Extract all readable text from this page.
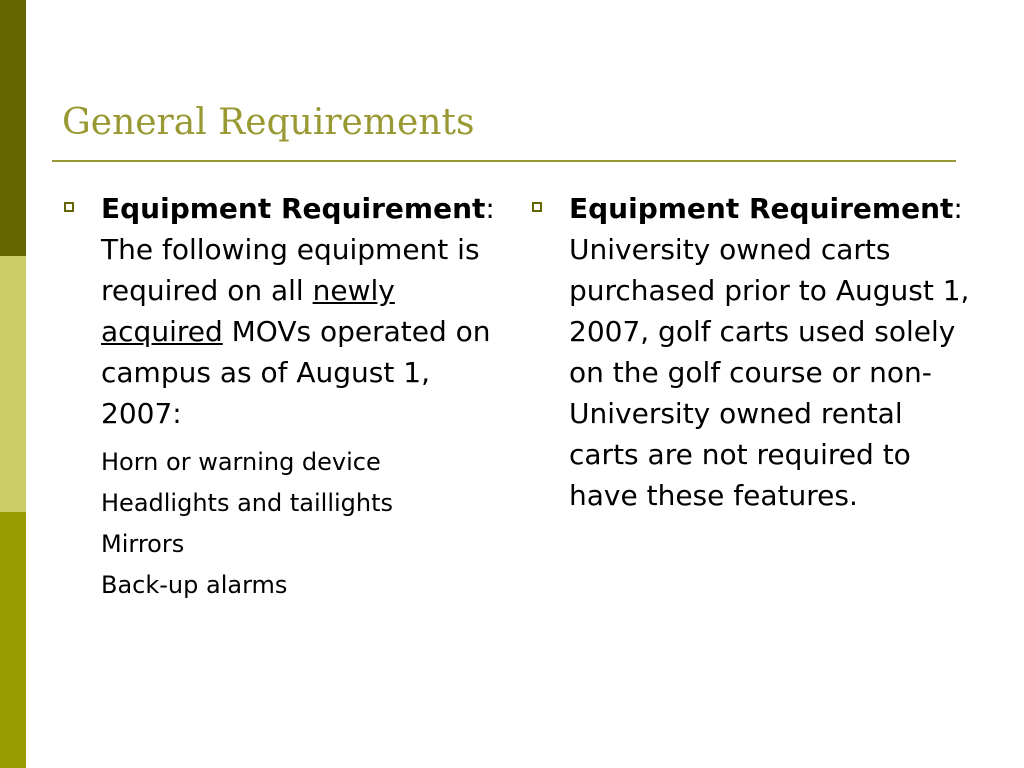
General Requirements
Equipment Requirement: The following equipment is required on all newly acquired MOVs operated on campus as of August 1, 2007:
Horn or warning device
Headlights and taillights
Mirrors
Back-up alarms
Equipment Requirement: University owned carts purchased prior to August 1, 2007, golf carts used solely on the golf course or non-University owned rental carts are not required to have these features.
